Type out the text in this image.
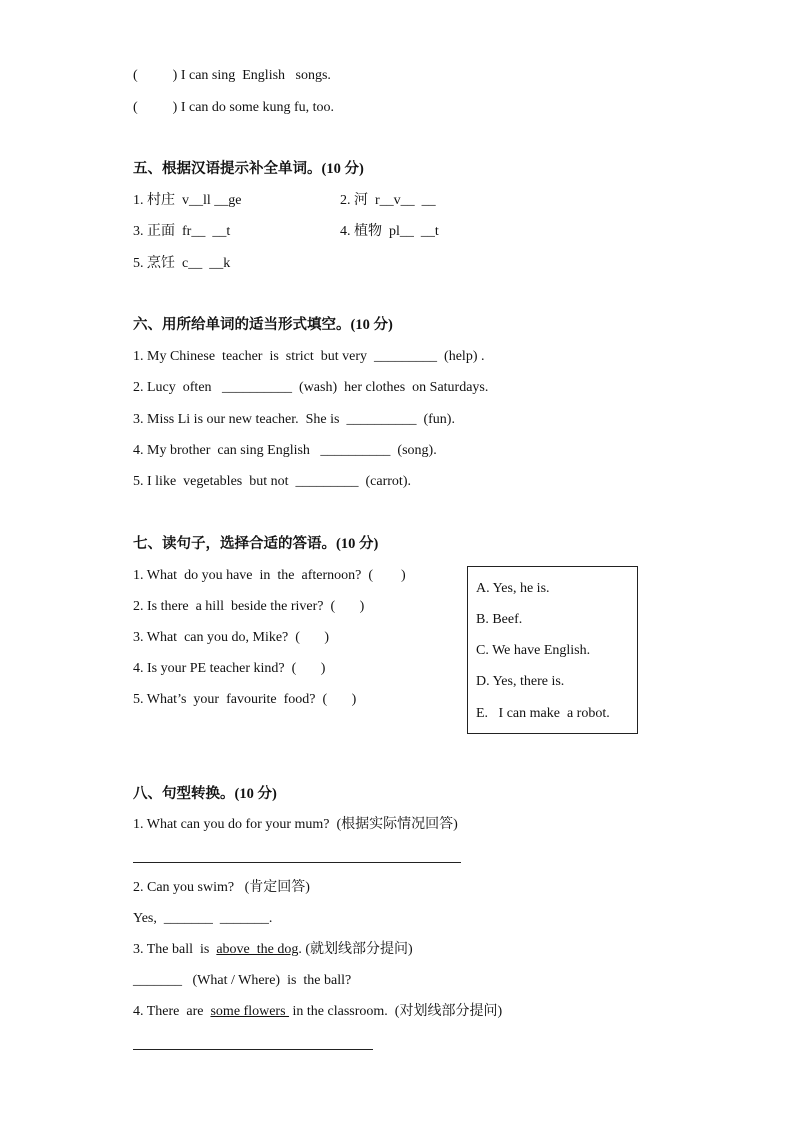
(          ) I can sing  English   songs.
(          ) I can do some kung fu, too.
五、根据汉语提示补全单词。(10 分)
1. 村庄  v__ll __ge	2. 河  r__v__  __
3. 正面  fr__  __t	4. 植物  pl__  __t
5. 烹饪  c__  __k
六、用所给单词的适当形式填空。(10 分)
1. My Chinese  teacher  is  strict  but very  _________  (help) .
2. Lucy  often   __________  (wash)  her clothes  on Saturdays.
3. Miss Li is our new teacher.  She is  __________  (fun).
4. My brother  can sing English   __________  (song).
5. I like  vegetables  but not  _________  (carrot).
七、读句子，选择合适的答语。(10 分)
1. What  do you have  in  the  afternoon?  (        )
2. Is there  a hill  beside the river?  (       )
3. What  can you do, Mike?  (       )
4. Is your PE teacher kind?  (       )
5. What’s  your  favourite  food?  (       )
A. Yes, he is.
B. Beef.
C. We have English.
D. Yes, there is.
E.   I can make  a robot.
八、句型转换。(10 分)
1. What can you do for your mum?  (根据实际情况回答)
2. Can you swim?   (肯定回答)
Yes,  _______  _______.
3. The ball  is  above  the dog. (就划线部分提问)
_______   (What / Where)  is  the ball?
4. There  are  some flowers  in the classroom.  (对划线部分提问)
